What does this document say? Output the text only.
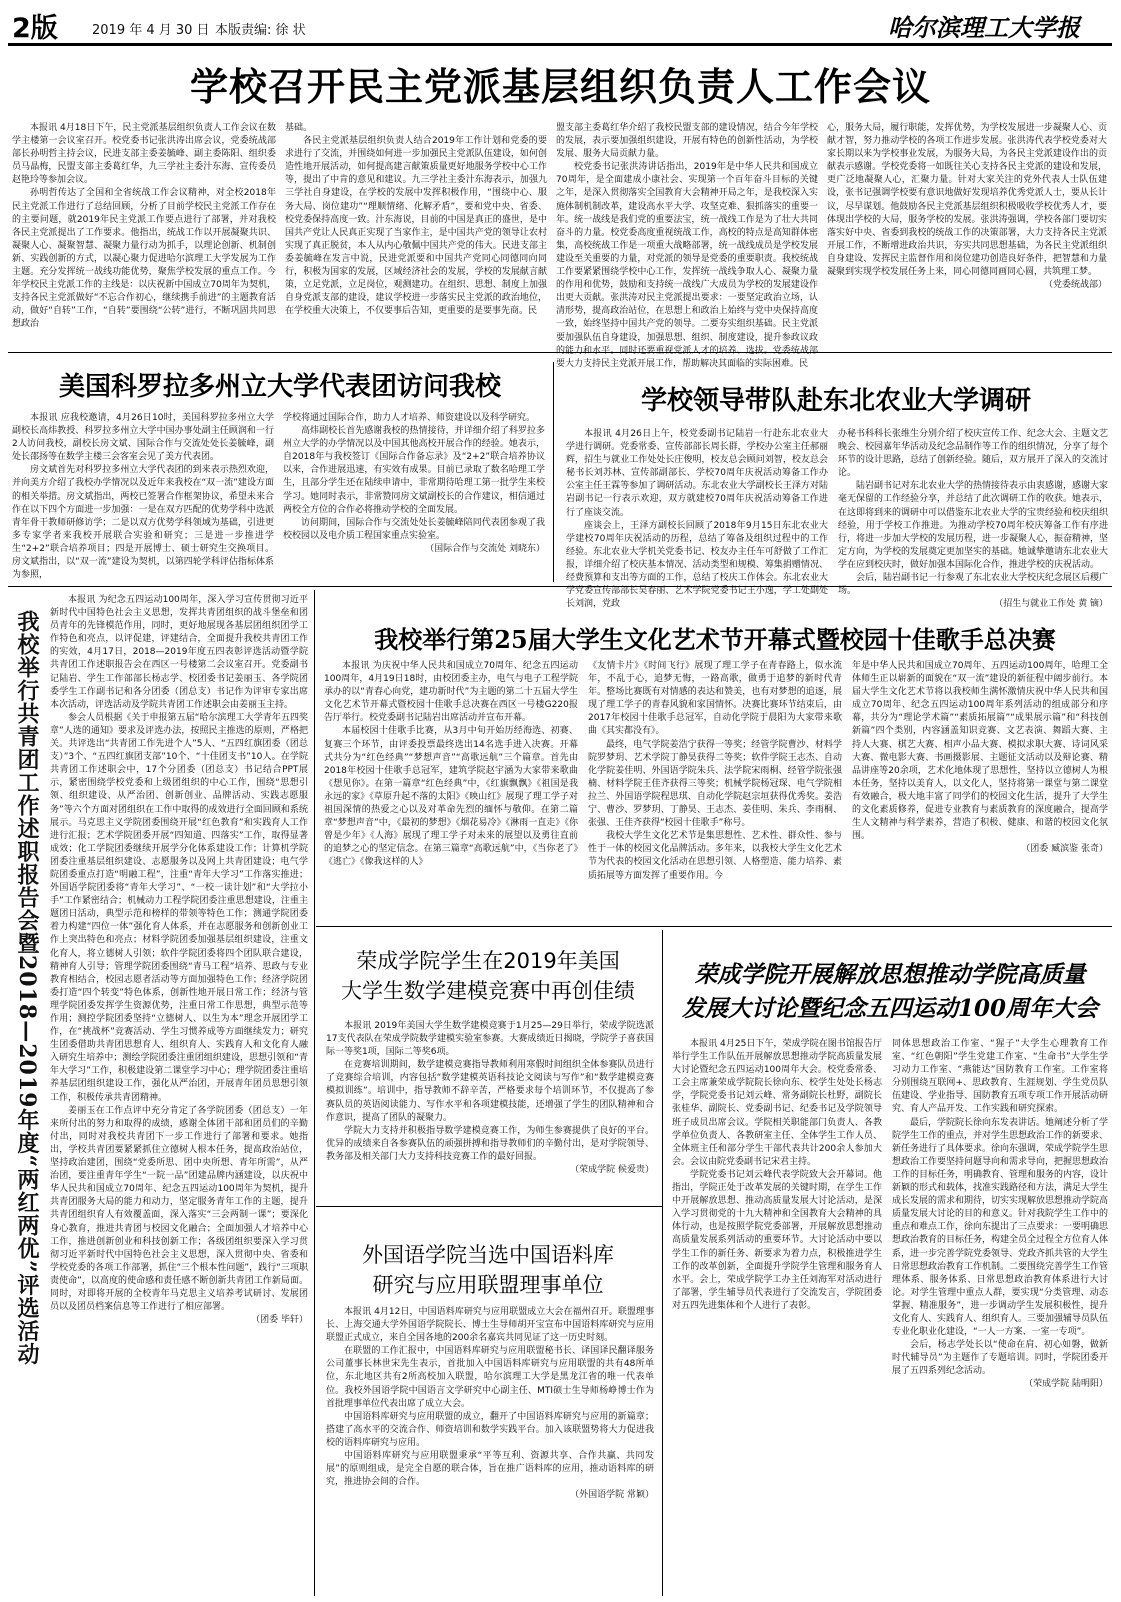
2版	2019 年 4 月 30 日 本版责编: 徐 状	哈尔滨理工大学报
学校召开民主党派基层组织负责人工作会议

本报讯 4月18日下午，民主党派基层组织负责人工作会议在数学主楼第一会议室召开。校党委书记张洪涛出席会议，党委统战部部长孙明哲主持会议，民进支部主委姜毓峰、副主委陈阳、组织委员马晶梅，民盟支部主委葛红华，九三学社主委汁东海、宣传委员赵艳玲等参加会议。

孙明哲传达了全国和全省统战工作会议精神，对全校2018年民主党派工作进行了总结回顾，分析了目前学校民主党派工作存在的主要问题，就2019年民主党派工作要点进行了部署，并对我校各民主党派提出了工作要求。他指出，统战工作以开展凝聚共识、凝聚人心、凝聚智慧、凝聚力量行动为抓手，以理论创新、机制创新、实践创新的方式，以凝心聚力促进哈尔滨理工大学发展为工作主题。充分发挥统一战线功能优势，聚焦学校发展的重点工作。今年学校民主党派工作的主线是：以庆祝新中国成立70周年为契机，支持各民主党派做好“不忘合作初心，继续携手前进”的主题教育活动，做好“自转”工作，“自转”要围绕“公转”进行，不断巩固共同思想政治

基础。

各民主党派基层组织负责人结合2019年工作计划和党委的要求进行了交流，并围绕如何进一步加强民主党派队伍建设，如何创造性地开展活动，如何提高建言献策质量更好地服务学校中心工作等，提出了中肯的意见和建议。九三学社主委汁东海表示，加强九三学社自身建设，在学校的发展中发挥积极作用，“围绕中心、服务大局、岗位建功”“理顺情绪、化解矛盾”，要和党中央、省委、校党委保持高度一致。汁东海说，目前的中国是真正的盛世，是中国共产党让人民真正实现了当家作主，是中国共产党的领导让农村实现了真正脱贫，本人从内心敬佩中国共产党的伟大。民进支部主委姜毓峰在发言中说，民进党派要和中国共产党同心同德同向同行，积极为国家的发展，区域经济社会的发展，学校的发展献言献策，立足党派，立足岗位，观测建功。在组织、思想、制度上加强自身党派支部的建设，建议学校进一步落实民主党派的政治地位，在学校重大决策上，不仅要事后告知，更重要的是要事先商。民

盟支部主委葛红华介绍了我校民盟支部的建设情况，结合今年学校的发展，表示要加强组织建设，开展有特色的创新性活动，为学校发展、服务大局贡献力量。

校党委书记张洪涛讲话指出，2019年是中华人民共和国成立70周年，是全面建成小康社会、实现第一个百年奋斗目标的关键之年，是深入贯彻落实全国教育大会精神开局之年，是我校深入实施体制机制改革，建设高水平大学、攻坚克难、狠抓落实的重要一年。统一战线是我们党的重要法宝，统一战线工作是为了壮大共同奋斗的力量。校党委高度重视统战工作，高校的特点是高知群体密集，高校统战工作是一项重大战略部署，统一战线成员是学校发展建设至关重要的力量，对党派的领导是党委的重要职责。我校统战工作要紧紧围绕学校中心工作，发挥统一战线争取人心、凝聚力量的作用和优势，鼓励和支持统一战线广大成员为学校的发展建设作出更大贡献。张洪涛对民主党派提出要求：一要坚定政治立场，认清形势，提高政治站位，在思想上和政治上始终与党中央保持高度一致，始终坚持中国共产党的领导。二要夯实组织基础。民主党派要加强队伍自身建设，加强思想、组织、制度建设，提升参政议政的能力和水平。同时还要重视党派人才的培养、选拔。党委统战部要大力支持民主党派开展工作，帮助解决其面临的实际困难。民

心，服务大局，履行职能，发挥优势，为学校发展进一步凝聚人心、贡献才智，努力推动学校的各项工作进步发展。张洪涛代表学校党委对大家长期以来为学校事业发展，为服务大局，为各民主党派建设作出的贡献表示感谢。学校党委将一如既往关心支持各民主党派的建设和发展，更广泛地凝聚人心，汇聚力量。针对大家关注的党外代表人士队伍建设，张书记强调学校要有意识地做好发现培养优秀党派人士，要从长计议，尽早谋划。他鼓励各民主党派基层组织积极吸收学校优秀人才，要体现出学校的大局，服务学校的发展。张洪涛强调，学校各部门要切实落实好中央、省委到我校的统战工作的决策部署，大力支持各民主党派开展工作，不断增进政治共识，夯实共同思想基础，为各民主党派组织自身建设、发挥民主监督作用和岗位建功创造良好条件，把智慧和力量凝聚到实现学校发展任务上来，同心同德同画同心圆，共筑理工梦。

（党委统战部）

美国科罗拉多州立大学代表团访问我校

本报讯 应我校邀请，4月26日10时，美国科罗拉多州立大学副校长高炜教授、科罗拉多州立大学中国办事处副主任顾润和一行2人访问我校，副校长房文斌、国际合作与交流处处长姜毓峰，副处长邵扬等在数学主楼三会客室会见了美方代表团。

房文斌首先对科罗拉多州立大学代表团的到来表示热烈欢迎，并向美方介绍了我校办学情况以及近年来我校在“双一流”建设方面的相关举措。房文斌指出，两校已签署合作框架协议，希望未来合作在以下四个方面进一步加强：一是在双方匹配的优势学科中选派青年骨干教师研修访学；二是以双方优势学科领域为基础，引进更多专家学者来我校开展联合实验和研究；三是进一步推进学生“2+2”联合培养项目；四是开展博士、硕士研究生交换项目。房文斌指出，以“双一流”建设为契机，以第四轮学科评估指标体系为参照，

学校将通过国际合作，助力人才培养、师资建设以及科学研究。

高炜副校长首先感谢我校的热情接待，并详细介绍了科罗拉多州立大学的办学情况以及中国其他高校开展合作的经验。她表示，自2018年与我校签订《国际合作备忘录》及“2+2”联合培养协议以来，合作进展迅速，有实效有成果。目前已录取了数名哈理工学生，且部分学生还在陆续申请中，非常期待哈理工第一批学生来校学习。她同时表示，非常赞同房文斌副校长的合作建议，相信通过两校全方位的合作必将推动学校的全面发展。

访问期间，国际合作与交流处处长姜毓峰陪同代表团参观了我校校园以及电介质工程国家重点实验室。

（国际合作与交流处 刘晓东）

学校领导带队赴东北农业大学调研

本报讯 4月26日上午，校党委副书记陆岩一行赴东北农业大学进行调研。党委常委、宣传部部长周长群，学校办公室主任郝丽辉，招生与就业工作处处长庄俊明，校友总会顾问刘智，校友总会秘书长刘苏林、宣传部副部长、学校70周年庆祝活动筹备工作办公室主任王霖等参加了调研活动。东北农业大学副校长王泽方对陆岩副书记一行表示欢迎，双方就建校70周年庆祝活动筹备工作进行了座谈交流。

座谈会上，王泽方副校长回顾了2018年9月15日东北农业大学建校70周年庆祝活动的历程，总结了筹备及组织过程中的工作经验。东北农业大学机关党委书记、校友办主任车可舒做了工作汇报，详细介绍了校庆基本情况、活动类型和规模、筹集捐赠情况、经费预算和支出等方面的工作，总结了校庆工作体会。东北农业大学党委宣传部部长吴春丽、艺术学院党委书记王小逸，学工处副处长刘润，党政

办秘书科科长张维生分别介绍了校庆宣传工作、纪念大会、主题文艺晚会、校园嘉年华活动及纪念品制作等工作的组织情况，分享了每个环节的设计思路，总结了创新经验。随后，双方展开了深入的交流讨论。

陆岩副书记对东北农业大学的热情接待表示由衷感谢，感谢大家毫无保留的工作经验分享，并总结了此次调研工作的收获。她表示，在这即将到来的调研中可以借鉴东北农业大学的宝贵经验和校庆组织经验，用于学校工作推进。为推动学校70周年校庆筹备工作有序进行，将进一步加大学校的发展历程，进一步凝聚人心，振奋精神，坚定方向，为学校的发展奠定更加坚实的基础。她诚挚邀请东北农业大学在应到校庆时，做好加强本国际化合作，推进学校的庆祝活动。

会后，陆岩副书记一行参观了东北农业大学校庆纪念展区后稷广场。

（招生与就业工作处 黄 镝）

我校举行共青团工作述职报告会暨2018—2019年度“两红两优”评选活动

本报讯 为纪念五四运动100周年，深入学习宣传贯彻习近平新时代中国特色社会主义思想，发挥共青团组织的战斗堡垒和团员青年的先锋模范作用，同时，更好地展现各基层团组织团学工作特色和亮点，以评促建，评建结合，全面提升我校共青团工作的实效，4月17日，2018—2019年度五四表彰评选活动暨学院共青团工作述职报告会在西区一号楼第二会议室召开。党委副书记陆岩、学生工作部部长杨志学、校团委书记姜丽玉、各学院团委学生工作副书记和各分团委（团总支）书记作为评审专家出席本次活动，评选活动及学院共青团工作述职会由姜丽玉主持。

参会人员根据《关于申报第五届“哈尔滨理工大学青年五四奖章”人选的通知》要求及评选办法，按照民主推选的原则，严格把关。共评选出“共青团工作先进个人”5人、“五四红旗团委（团总支）”3个、“五四红旗团支部”10个、“十佳团支书”10人。在学院共青团工作述职会中，17个分团委（团总支）书记结合PPT展示，紧密围绕学校党委和上级团组织的中心工作，围绕“思想引领、组织建设、从严治团、创新创业、品牌活动、实践志愿服务”等六个方面对团组织在工作中取得的成效进行全面回顾和系统展示。马克思主义学院团委围绕开展“红色教育”和实践育人工作进行汇报；艺术学院团委开展“四知道、四落实”工作，取得显著成效；化工学院团委继续开展学分化体系建设工作；计算机学院团委注重基层组织建设、志愿服务以及网上共青团建设；电气学院团委重点打造“明融工程”，注重“青年大学习”工作落实推进；外国语学院团委将“青年大学习”、“一校一读计划”和“大学拉小手”工作紧密结合；机械动力工程学院团委注重思想建设，注重主题团日活动，典型示范和榜样的带领等特色工作；测通学院团委着力构建“四位一体”强化育人体系，并在志愿服务和创新创业工作上突出特色和亮点；材料学院团委加强基层组织建设，注重文化育人，将立德树人引领；软件学院团委将四个团队联合建设，精神育人引导；管理学院团委围绕“青马工程”培养、思政与专业教育相结合，校园志愿者活动等方面加强特色工作；经济学院团委打造“四个转变”特色体系，创新性地开展日常工作；经济与管理学院团委发挥学生资源优势，注重日常工作思想，典型示范等作用；测控学院团委坚持“立德树人、以生为本”理念开展团学工作，在“挑战杯”竞赛活动、学生习惯养成等方面继续发力；研究生团委借助共青团思想育人、组织育人、实践育人和文化育人融入研究生培养中；测绘学院团委注重团组织建设，思想引领和“青年大学习”工作，积极建设第二课堂学习中心；理学院团委注重培养基层团组织建设工作，强化从严治团，开展青年团员思想引领工作，积极传承共青团精神。

姜丽玉在工作点评中充分肯定了各学院团委（团总支）一年来所付出的努力和取得的成绩，感谢全体团干部和团员们的辛勤付出，同时对我校共青团下一步工作进行了部署和要求。她指出，学校共青团要紧紧抓住立德树人根本任务，提高政治站位，坚持政治建团，围绕“党委所思、团中央所想、青年所需”，从严治团，要注重青年学生“一院一品”团建品牌内涵建设，以庆祝中华人民共和国成立70周年、纪念五四运动100周年为契机，提升共青团服务大局的能力和动力，坚定服务青年工作的主题，提升共青团组织育人有效覆盖面，深入落实“三会两制一课”；要深化身心教育，推进共青团与校园文化融合；全面加强人才培养中心工作，推进创新创业和科技创新工作；各级团组织要深入学习贯彻习近平新时代中国特色社会主义思想，深入贯彻中央、省委和学校党委的各项工作部署，抓住“三个根本性问题”，践行“三项职责使命”，以高度的使命感和责任感不断创新共青团工作新局面。同时，对即将开展的全校青年马克思主义培养考试研讨、发展团员以及团员档案信息等工作进行了相应部署。

（团委 毕轩）

我校举行第25届大学生文化艺术节开幕式暨校园十佳歌手总决赛

本报讯 为庆祝中华人民共和国成立70周年、纪念五四运动100周年，4月19日18时，由校团委主办，电气与电子工程学院承办的以“青春心向党，建功新时代”为主题的第二十五届大学生文化艺术节开幕式暨校园十佳歌手总决赛在西区一号楼G220报告厅举行。校党委副书记陆岩出席活动并宣布开幕。

本届校园十佳歌手比赛，从3月中旬开始历经海选、初赛、复赛三个环节，由评委投票最终选出14名选手进入决赛。开幕式共分为“红色经典”“梦想声音”“高歌远航”三个篇章。首先由2018年校园十佳歌手总冠军，建筑学院赵宇涵为大家带来歌曲《想见你》。在第一篇章“红色经典”中，《红旗飘飘》《祖国是我永远的家》《草原升起不落的太阳》《映山红》展现了理工学子对祖国深情的热爱之心以及对革命先烈的缅怀与敬仰。在第二篇章“梦想声音”中，《最初的梦想》《烟花易冷》《淋雨一直走》《你曾是少年》《人海》展现了理工学子对未来的展望以及勇往直前的追梦之心的坚定信念。在第三篇章“高歌远航”中，《当你老了》《逃亡》《像我这样的人》

《友情卡片》《时间飞行》展现了理工学子在青春路上，似水流年，不乱于心，追梦无悔，一路高歌，做勇于追梦的新时代青年。整场比赛既有对情感的表达和赞美，也有对梦想的追逐，展现了理工学子的青春风貌和家国情怀。决赛比赛环节结束后，由2017年校园十佳歌手总冠军，自动化学院于晨阳为大家带来歌曲《其实都没有》。

最终，电气学院姜浩宁获得一等奖；经管学院曹沙、材料学院罗梦玥、艺术学院丁静昊获得二等奖；软件学院王志杰、自动化学院姜佳明、外国语学院朱兵、法学院宋雨桐、经管学院张强楠、材料学院王佳齐获得三等奖；机械学院杨冠琛、电气学院相拉兰、外国语学院程思琪、自动化学院赵宗垣获得优秀奖。姜浩宁、曹沙、罗梦玥、丁静昊、王志杰、姜佳明、朱兵、李雨桐、张强、王佳齐获得“校园十佳歌手”称号。

我校大学生文化艺术节是集思想性、艺术性、群众性、参与性于一体的校园文化品牌活动。多年来，以我校大学生文化艺术节为代表的校园文化活动在思想引领、人格塑造、能力培养、素质拓展等方面发挥了重要作用。今

年是中华人民共和国成立70周年、五四运动100周年，哈理工全体师生正以崭新的面貌在“双一流”建设的新征程中阔步前行。本届大学生文化艺术节将以我校师生满怀激情庆祝中华人民共和国成立70周年、纪念五四运动100周年系列活动的组成部分和序幕，共分为“理论学术篇”“素质拓展篇”“成果展示篇”和“科技创新篇”四个类别，内容涵盖知识竞赛、文艺表演、舞蹈大赛、主持人大赛、棋艺大赛、相声小品大赛、模拟求职大赛、诗词风采大赛、微电影大赛、书画摄影展、主题征文活动以及辩论赛、精品讲座等20余项，艺术化地体现了思想性，坚持以立德树人为根本任务，坚持以美育人，以文化人，坚持将第一课堂与第二课堂有效融合，极大地丰富了同学们的校园文化生活，提升了大学生的文化素质修养，促进专业教育与素质教育的深度融合，提高学生人文精神与科学素养，营造了积极、健康、和谐的校园文化氛围。

（团委 臧滨鉴 张奇）

荣成学院学生在2019年美国
大学生数学建模竞赛中再创佳绩

本报讯 2019年美国大学生数学建模竞赛于1月25—29日举行，荣成学院选派17支代表队在荣成学院数学建模实验室参赛。大赛成绩近日揭晓，学院学子喜获国际一等奖1项，国际二等奖6项。

在竞赛培训期间，数学建模竞赛指导教师利用寒假时间组织全体参赛队员进行了竞赛综合培训，内容包括“数学建模英语科技论文阅读与写作”和“数学建模竞赛模拟训练”。培训中，指导教师不辞辛苦，严格要求每个培训环节，不仅提高了参赛队员的英语阅读能力、写作水平和各项建模技能，还增强了学生的团队精神和合作意识，提高了团队的凝聚力。

学院大力支持并积极指导数学建模竞赛工作，为师生参赛提供了良好的平台。优异的成绩来自各参赛队伍的顽强拼搏和指导教师们的辛勤付出，是对学院领导、教务部及相关部门大力支持科技竞赛工作的最好回报。

（荣成学院 候爱贵）

外国语学院当选中国语料库
研究与应用联盟理事单位

本报讯 4月12日，中国语料库研究与应用联盟成立大会在福州召开。联盟理事长、上海交通大学外国语学院院长、博士生导师胡开宝宣布中国语料库研究与应用联盟正式成立，来自全国各地的200余名嘉宾共同见证了这一历史时刻。

在联盟的工作汇报中，中国语料库研究与应用联盟秘书长、译国译民翻译服务公司董事长林世宋先生表示，首批加入中国语料库研究与应用联盟的共有48所单位，东北地区共有2所高校加入联盟，哈尔滨理工大学是黑龙江省的唯一代表单位。我校外国语学院中国语言文学研究中心副主任、MTI硕士生导师杨峥博士作为首批理事单位代表出席了成立大会。

中国语料库研究与应用联盟的成立，翻开了中国语料库研究与应用的新篇章；搭建了高水平的交流合作、师资培训和数学实践平台。加入该联盟势将大力促进我校的语料库研究与应用。

中国语料库研究与应用联盟秉承“平等互利、资源共享、合作共赢、共同发展”的原则组成，是完全自愿的联合体，旨在推广语料库的应用，推动语料库的研究，推进协会间的合作。

（外国语学院 常颖）

荣成学院开展解放思想推动学院高质量
发展大讨论暨纪念五四运动100周年大会

本报讯 4月25日下午，荣成学院在图书馆报告厅举行学生工作队伍开展解放思想推动学院高质量发展大讨论暨纪念五四运动100周年大会。校党委常委、工会主席兼荣成学院院长徐向东、校学生处处长杨志学，学院党委书记刘云峰、常务副院长杜野，副院长张桂华、副院长、党委副书记、纪委书记及学院领导班子成员出席会议。学院相关职能部门负责人、各教学单位负责人、各教研室主任、全体学生工作人员、全体班主任和部分学生干部代表共计200余人参加大会。会议由院党委副书记宋君主持。

学院党委书记刘云峰代表学院致大会开幕词。他指出，学院正处于改革发展的关键时期，在学生工作中开展解放思想、推动高质量发展大讨论活动，是深入学习贯彻党的十九大精神和全国教育大会精神的具体行动，也是按照学院党委部署，开展解放思想推动高质量发展系列活动的重要环节。大讨论活动中要以学生工作的新任务、新要求为着力点，积极推进学生工作的改革创新，全面提升学院学生管理和服务育人水平。会上，荣成学院学工办主任刘海军对活动进行了部署，学生辅导员代表进行了交流发言，学院团委对五四先进集体和个人进行了表彰。

同体思想政治工作室、“猩子”大学生心理教育工作室、“红色朝阳”学生党建工作室、“生命书”大学生学习动力工作室、“燕能达”国防教育工作室。工作室将分别围绕互联网+、思政教育、生涯规划、学生党员队伍建设、学业指导、国防教育五项专项工作开展活动研究、育人产品开发、工作实践和研究探索。

最后，学院院长徐向东发表讲话。她阐述分析了学院学生工作的重点，并对学生思想政治工作的新要求、新任务进行了具体要求。徐向东强调，荣成学院学生思想政治工作要坚持问题导向和需求导向，把握思想政治工作的目标任务，明确教育、管理和服务的内容，设计新颖的形式和载体，找准实践路径和方法，满足大学生成长发展的需求和期待，切实实现解放思想推动学院高质量发展大讨论的目的和意义。针对我院学生工作中的重点和难点工作，徐向东提出了三点要求：一要明确思想政治教育的目标任务，构建全员全过程全方位育人体系，进一步完善学院党委领导、党政齐抓共管的大学生日常思想政治教育工作机制。二要围绕完善学生工作管理体系、服务体系、日常思想政治教育体系进行大讨论。对学生管理中重点人群，要实现“分类管理、动态掌握、精准服务”，进一步调动学生发展积极性，提升文化育人、实践育人、组织育人。三要加强辅导员队伍专业化职业化建设，“一人一方案、一室一专项”。

会后，杨志学处长以“使命在肩、初心如磐，做新时代辅导员”为主题作了专题培训。同时，学院团委开展了五四系列纪念活动。

（荣成学院 陆明阳）
